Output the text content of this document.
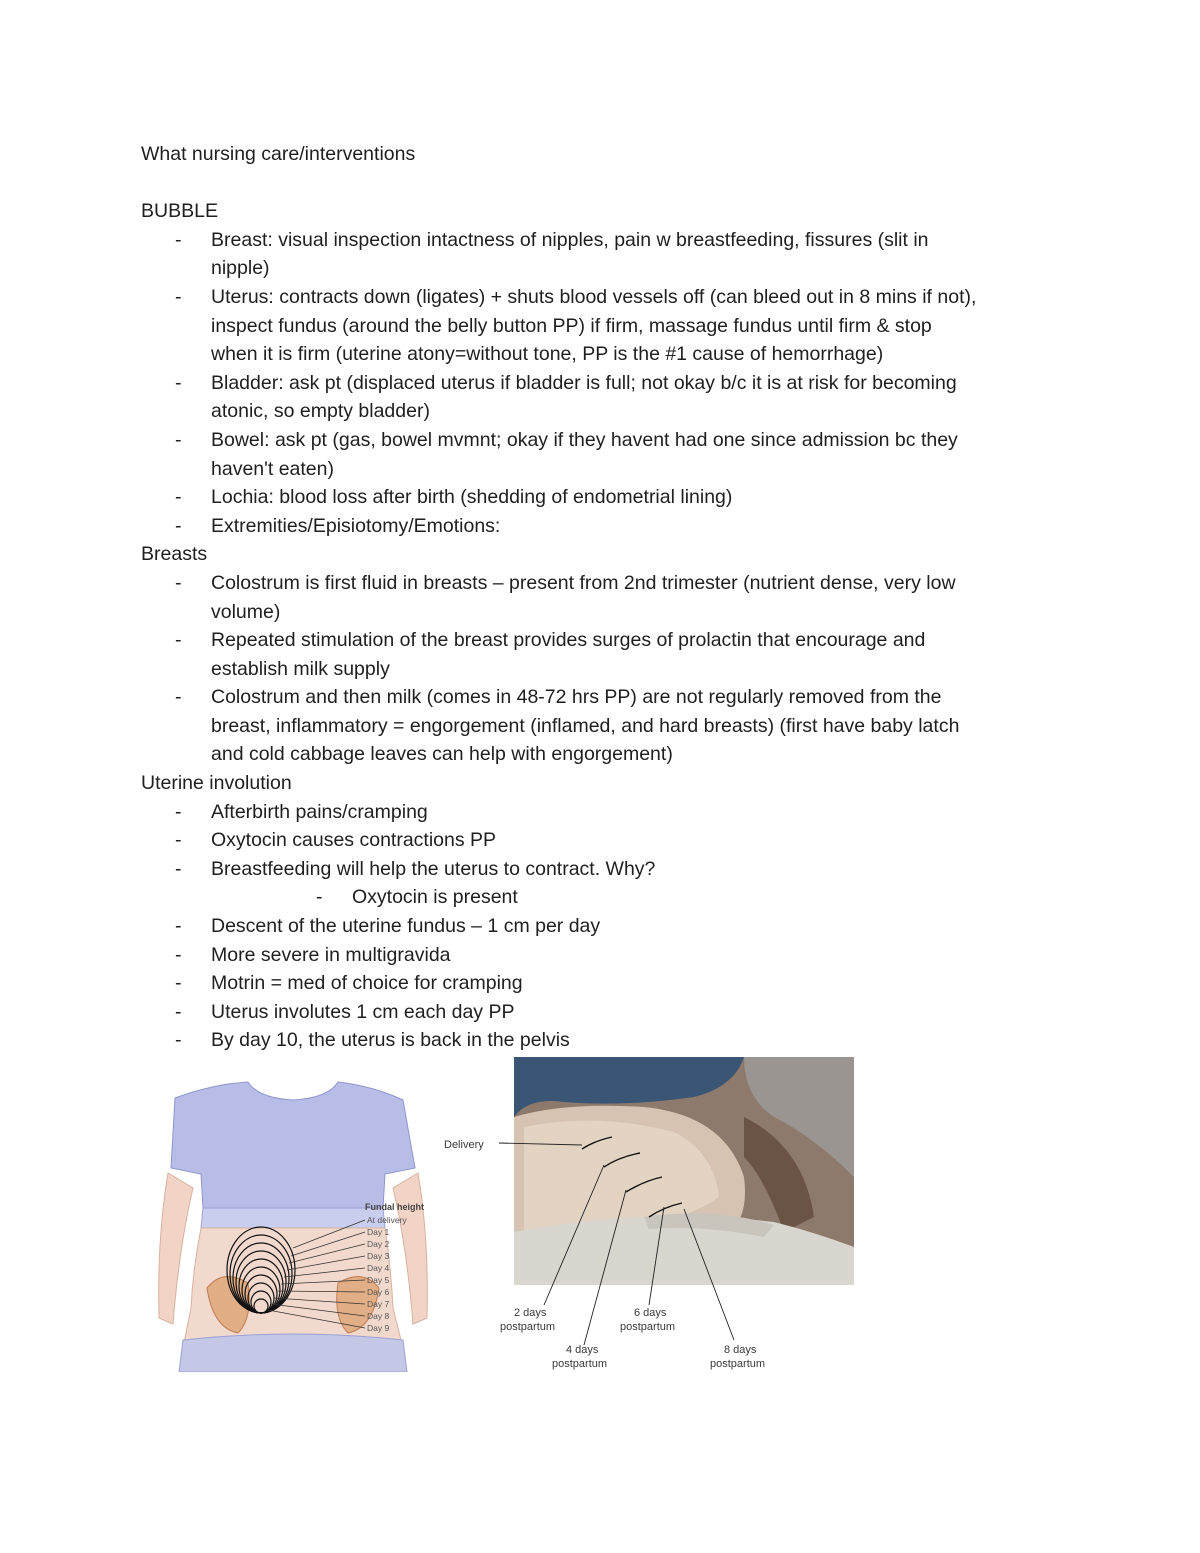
What nursing care/interventions

BUBBLE

- Breast: visual inspection intactness of nipples, pain w breastfeeding, fissures (slit in
nipple)
- Uterus: contracts down (ligates) + shuts blood vessels off (can bleed out in 8 mins if not),
inspect fundus (around the belly button PP) if firm, massage fundus until firm & stop
when it is firm (uterine atony=without tone, PP is the #1 cause of hemorrhage)
- Bladder: ask pt (displaced uterus if bladder is full; not okay b/c it is at risk for becoming
atonic, so empty bladder)
- Bowel: ask pt (gas, bowel mvmnt; okay if they havent had one since admission bc they
haven't eaten)
- Lochia: blood loss after birth (shedding of endometrial lining)
- Extremities/Episiotomy/Emotions:

Breasts

- Colostrum is first fluid in breasts – present from 2nd trimester (nutrient dense, very low
volume)
- Repeated stimulation of the breast provides surges of prolactin that encourage and
establish milk supply
- Colostrum and then milk (comes in 48-72 hrs PP) are not regularly removed from the
breast, inflammatory = engorgement (inflamed, and hard breasts) (first have baby latch
and cold cabbage leaves can help with engorgement)

Uterine involution

- Afterbirth pains/cramping
- Oxytocin causes contractions PP
- Breastfeeding will help the uterus to contract. Why?
- Oxytocin is present
- Descent of the uterine fundus – 1 cm per day
- More severe in multigravida
- Motrin = med of choice for cramping
- Uterus involutes 1 cm each day PP
- By day 10, the uterus is back in the pelvis
Fundal height
At delivery
Day 1
Day 2
Day 3
Day 4
Day 5
Day 6
Day 7
Day 8
Day 9
Delivery
2 days
postpartum
6 days
postpartum
4 days
postpartum
8 days
postpartum
